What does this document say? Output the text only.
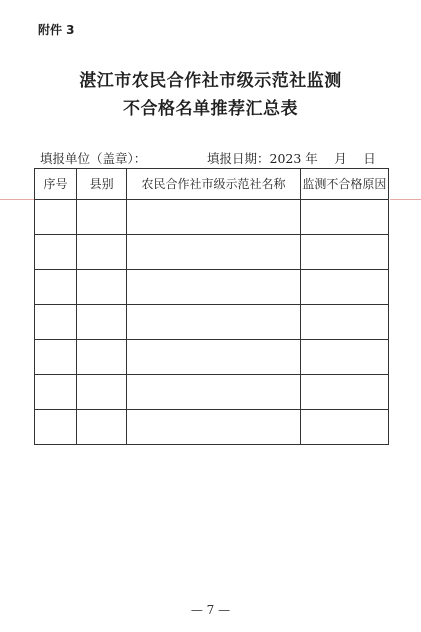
附件 3
湛江市农民合作社市级示范社监测
不合格名单推荐汇总表
填报单位（盖章）：	填报日期：2023 年　 月　 日
序号	县别	农民合作社市级示范社名称	监测不合格原因

— 7 —
